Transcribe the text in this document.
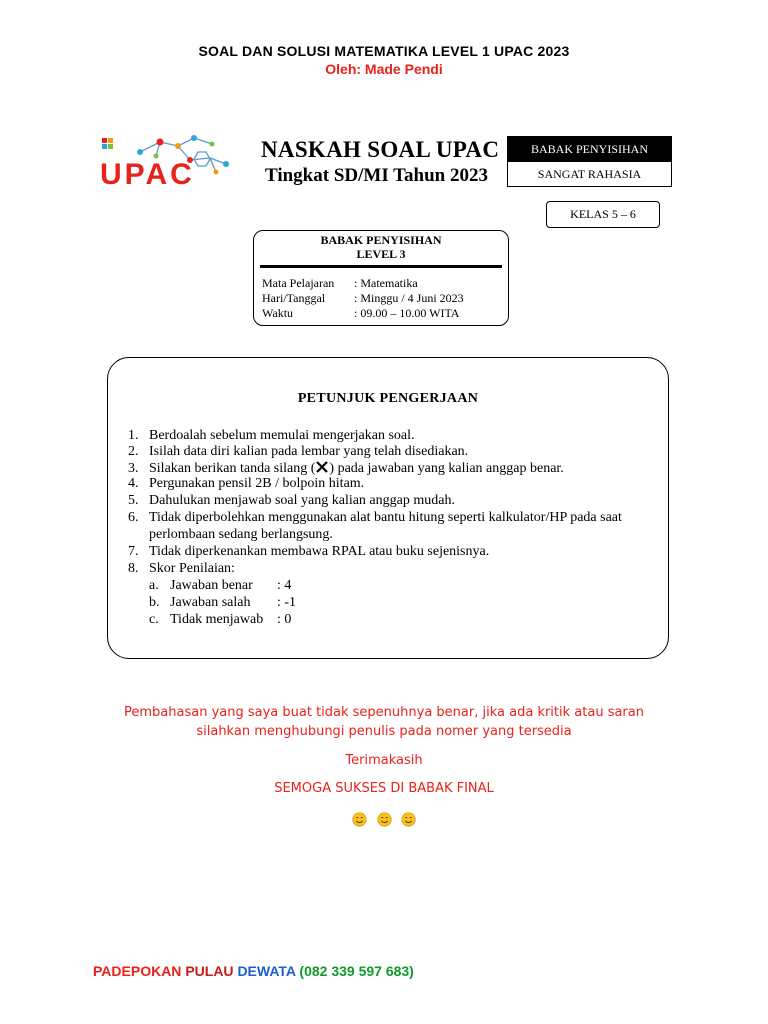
SOAL DAN SOLUSI MATEMATIKA LEVEL 1 UPAC 2023
Oleh: Made Pendi
UPAC
NASKAH SOAL UPAC
Tingkat SD/MI Tahun 2023
BABAK PENYISIHAN
SANGAT RAHASIA
KELAS 5 – 6
BABAK PENYISIHAN
LEVEL 3
Mata Pelajaran : Matematika
Hari/Tanggal : Minggu / 4 Juni 2023
Waktu	: 09.00 – 10.00 WITA
PETUNJUK PENGERJAAN
1. Berdoalah sebelum memulai mengerjakan soal.
2. Isilah data diri kalian pada lembar yang telah disediakan.
3. Silakan berikan tanda silang ( ) pada jawaban yang kalian anggap benar.
4. Pergunakan pensil 2B / bolpoin hitam.
5. Dahulukan menjawab soal yang kalian anggap mudah.
6. Tidak diperbolehkan menggunakan alat bantu hitung seperti kalkulator/HP pada saat
perlombaan sedang berlangsung.
7. Tidak diperkenankan membawa RPAL atau buku sejenisnya.
8. Skor Penilaian:
a. Jawaban benar : 4
b. Jawaban salah : -1
c. Tidak menjawab : 0
Pembahasan yang saya buat tidak sepenuhnya benar, jika ada kritik atau saran
silahkan menghubungi penulis pada nomer yang tersedia
Terimakasih
SEMOGA SUKSES DI BABAK FINAL

PADEPOKAN PULAU DEWATA (082 339 597 683)
